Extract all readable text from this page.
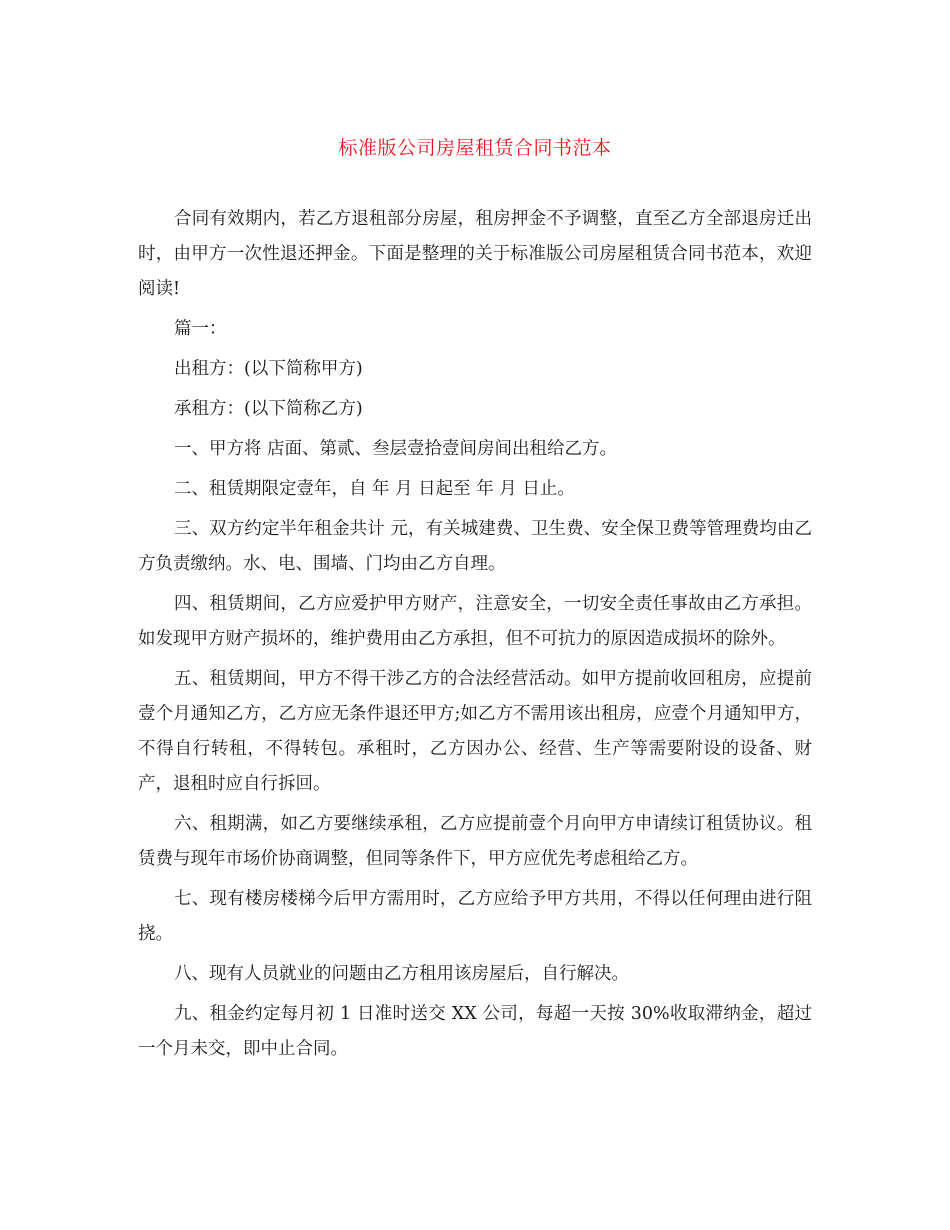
标准版公司房屋租赁合同书范本

合同有效期内，若乙方退租部分房屋，租房押金不予调整，直至乙方全部退房迁出时，由甲方一次性退还押金。下面是整理的关于标准版公司房屋租赁合同书范本，欢迎阅读!

篇一：

出租方：(以下简称甲方)

承租方：(以下简称乙方)

一、甲方将 店面、第贰、叁层壹拾壹间房间出租给乙方。

二、租赁期限定壹年，自 年 月 日起至 年 月 日止。

三、双方约定半年租金共计 元，有关城建费、卫生费、安全保卫费等管理费均由乙方负责缴纳。水、电、围墙、门均由乙方自理。

四、租赁期间，乙方应爱护甲方财产，注意安全，一切安全责任事故由乙方承担。如发现甲方财产损坏的，维护费用由乙方承担，但不可抗力的原因造成损坏的除外。

五、租赁期间，甲方不得干涉乙方的合法经营活动。如甲方提前收回租房，应提前壹个月通知乙方，乙方应无条件退还甲方;如乙方不需用该出租房，应壹个月通知甲方，不得自行转租，不得转包。承租时，乙方因办公、经营、生产等需要附设的设备、财产，退租时应自行拆回。

六、租期满，如乙方要继续承租，乙方应提前壹个月向甲方申请续订租赁协议。租赁费与现年市场价协商调整，但同等条件下，甲方应优先考虑租给乙方。

七、现有楼房楼梯今后甲方需用时，乙方应给予甲方共用，不得以任何理由进行阻挠。

八、现有人员就业的问题由乙方租用该房屋后，自行解决。

九、租金约定每月初 1 日准时送交 XX 公司，每超一天按 30%收取滞纳金，超过一个月未交，即中止合同。
